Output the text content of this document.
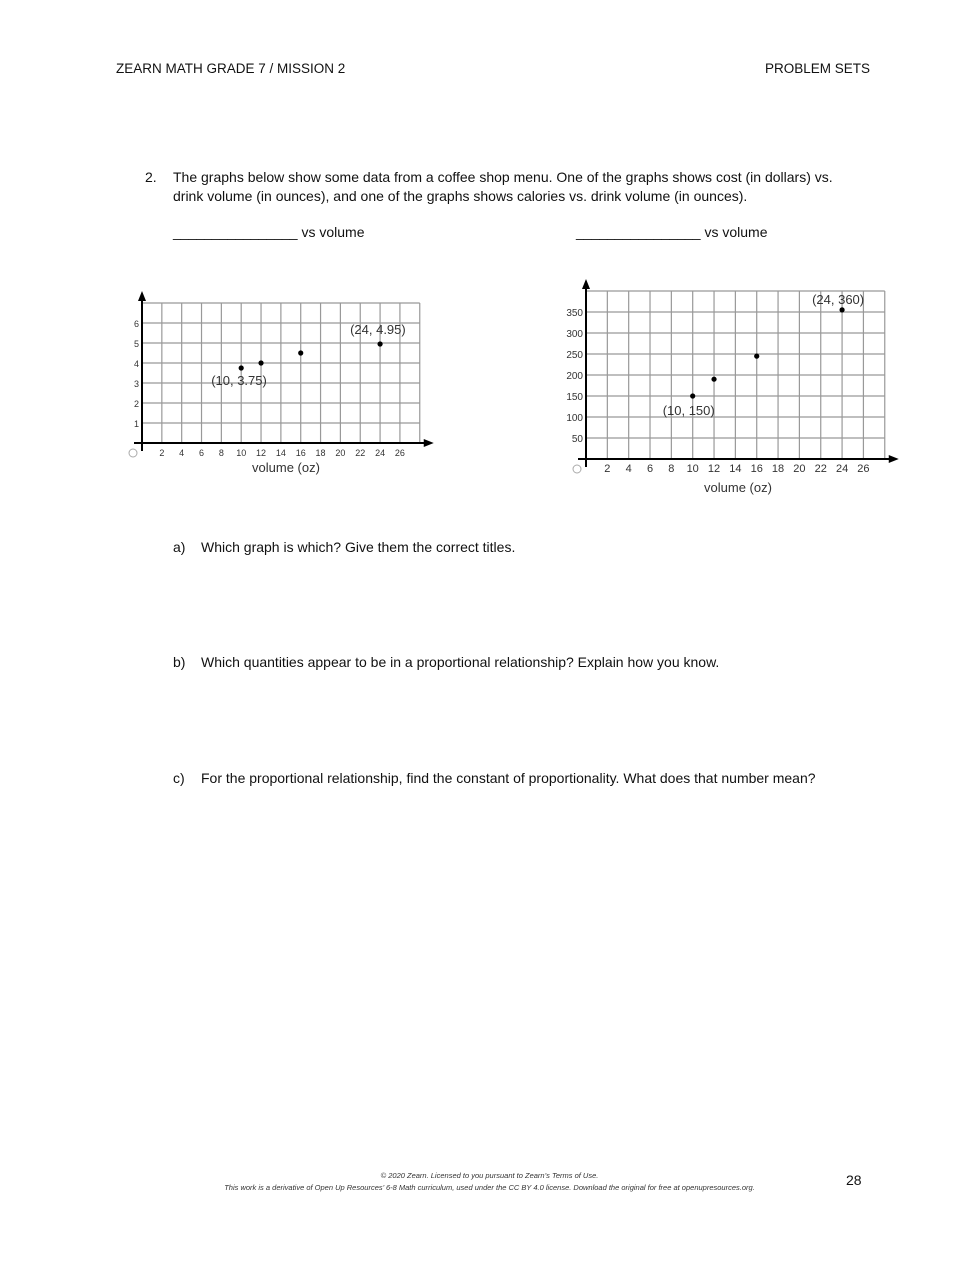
ZEARN MATH GRADE 7 / MISSION 2	PROBLEM SETS
2. The graphs below show some data from a coffee shop menu. One of the graphs shows cost (in dollars) vs.
drink volume (in ounces), and one of the graphs shows calories vs. drink volume (in ounces).
________________ vs volume	________________ vs volume
2 4 6 8 10 12 14 16 18 20 22 24 26
1
2
3
4
5
6
volume (oz)
(10, 3.75)
(24, 4.95)
2 4 6 8 10 12 14 16 18 20 22 24 26
50
100
150
200
250
300
350
volume (oz)
(10, 150)
(24, 360)
a) Which graph is which? Give them the correct titles.
b) Which quantities appear to be in a proportional relationship? Explain how you know.
c) For the proportional relationship, find the constant of proportionality. What does that number mean?
© 2020 Zearn. Licensed to you pursuant to Zearn’s Terms of Use.
This work is a derivative of Open Up Resources’ 6-8 Math curriculum, used under the CC BY 4.0 license. Download the original for free at openupresources.org.	28
